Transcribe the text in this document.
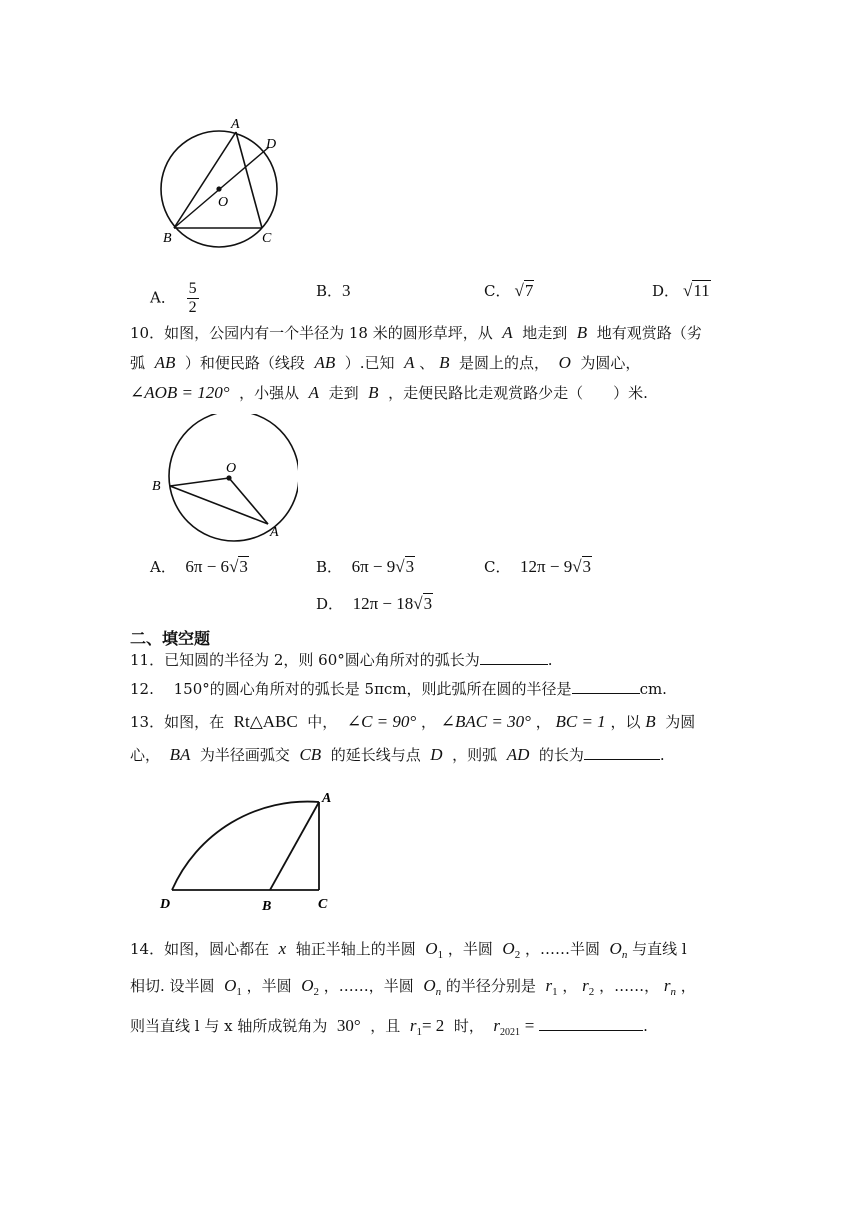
A
D
O
B	C
A． $\frac{5}{2}$	B．3	C． √7	D． √11
10．如图，公园内有一个半径为 18 米的圆形草坪，从 A 地走到 B 地有观赏路（劣
弧 AB ）和便民路（线段 AB ）.已知 A 、 B 是圆上的点， O 为圆心，
∠AOB = 120° ，小强从 A 走到 B ，走便民路比走观赏路少走（　　）米.
O
B
A
A． 6π − 6√3	B． 6π − 9√3	C． 12π − 9√3
D． 12π − 18√3
二、填空题
11．已知圆的半径为 2，则 60°圆心角所对的弧长为	.
12.　 150°的圆心角所对的弧长是 5πcm，则此弧所在圆的半径是	cm.
13．如图，在 Rt△ABC 中， ∠C = 90° ， ∠BAC = 30° ， BC = 1 ，以 B 为圆
心， BA 为半径画弧交 CB 的延长线与点 D ，则弧 AD 的长为	.
A
D	B	C
14．如图，圆心都在 x 轴正半轴上的半圆 $O_1$ ，半圆 $O_2$ ，……半圆 $O_n$ 与直线 l
相切. 设半圆 $O_1$ ，半圆 $O_2$ ，……，半圆 $O_n$ 的半径分别是 $r_1$ ， $r_2$ ，……， $r_n$ ，
则当直线 l 与 x 轴所成锐角为 30° ，且 $r_1= 2$ 时， $r_{2021}$ =	.
